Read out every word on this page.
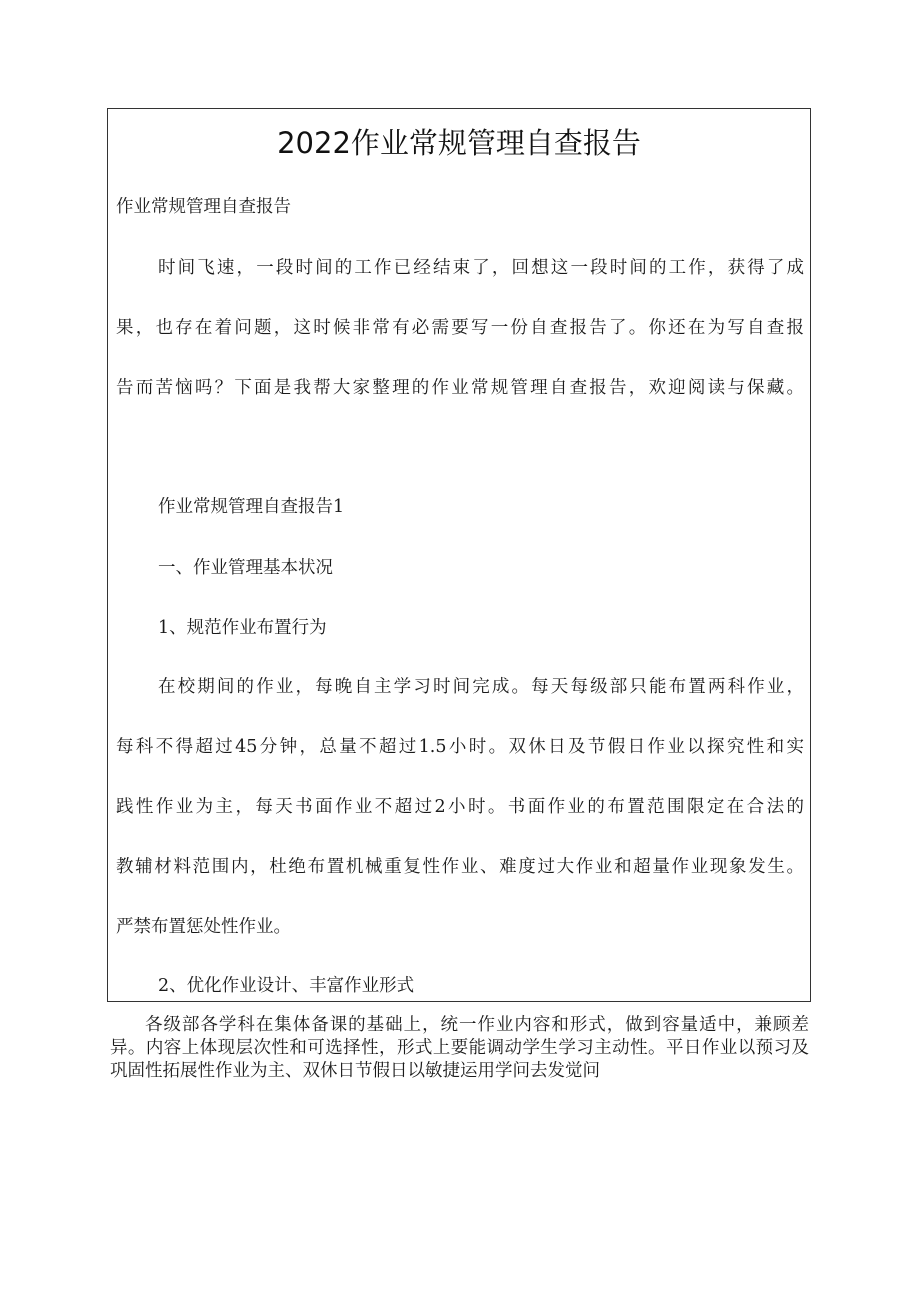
2022作业常规管理自查报告
作业常规管理自查报告
时间飞速，一段时间的工作已经结束了，回想这一段时间的工作，获得了成
果，也存在着问题，这时候非常有必需要写一份自查报告了。你还在为写自查报
告而苦恼吗？下面是我帮大家整理的作业常规管理自查报告，欢迎阅读与保藏。
作业常规管理自查报告1
一、作业管理基本状况
1、规范作业布置行为
在校期间的作业，每晚自主学习时间完成。每天每级部只能布置两科作业，
每科不得超过45分钟，总量不超过1.5小时。双休日及节假日作业以探究性和实
践性作业为主，每天书面作业不超过2小时。书面作业的布置范围限定在合法的
教辅材料范围内，杜绝布置机械重复性作业、难度过大作业和超量作业现象发生。
严禁布置惩处性作业。
2、优化作业设计、丰富作业形式
各级部各学科在集体备课的基础上，统一作业内容和形式，做到容量适中，兼顾差异。内容上体现层次性和可选择性，形式上要能调动学生学习主动性。平日作业以预习及巩固性拓展性作业为主、双休日节假日以敏捷运用学问去发觉问
